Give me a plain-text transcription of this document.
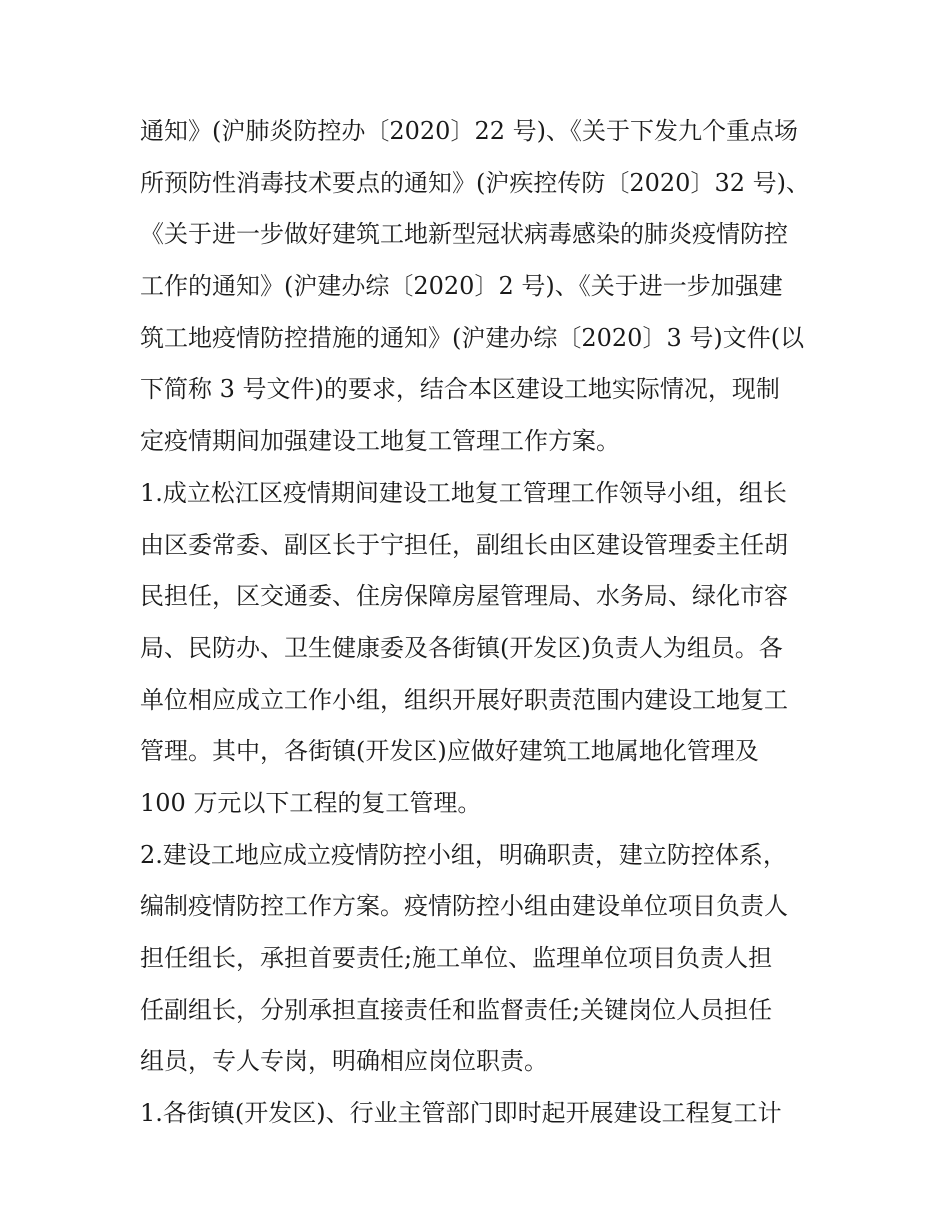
通知》(沪肺炎防控办〔2020〕22 号)、《关于下发九个重点场
所预防性消毒技术要点的通知》(沪疾控传防〔2020〕32 号)、
《关于进一步做好建筑工地新型冠状病毒感染的肺炎疫情防控
工作的通知》(沪建办综〔2020〕2 号)、《关于进一步加强建
筑工地疫情防控措施的通知》(沪建办综〔2020〕3 号)文件(以
下简称 3 号文件)的要求，结合本区建设工地实际情况，现制
定疫情期间加强建设工地复工管理工作方案。
1.成立松江区疫情期间建设工地复工管理工作领导小组，组长
由区委常委、副区长于宁担任，副组长由区建设管理委主任胡
民担任，区交通委、住房保障房屋管理局、水务局、绿化市容
局、民防办、卫生健康委及各街镇(开发区)负责人为组员。各
单位相应成立工作小组，组织开展好职责范围内建设工地复工
管理。其中，各街镇(开发区)应做好建筑工地属地化管理及
100 万元以下工程的复工管理。
2.建设工地应成立疫情防控小组，明确职责，建立防控体系，
编制疫情防控工作方案。疫情防控小组由建设单位项目负责人
担任组长，承担首要责任;施工单位、监理单位项目负责人担
任副组长，分别承担直接责任和监督责任;关键岗位人员担任
组员，专人专岗，明确相应岗位职责。
1.各街镇(开发区)、行业主管部门即时起开展建设工程复工计
